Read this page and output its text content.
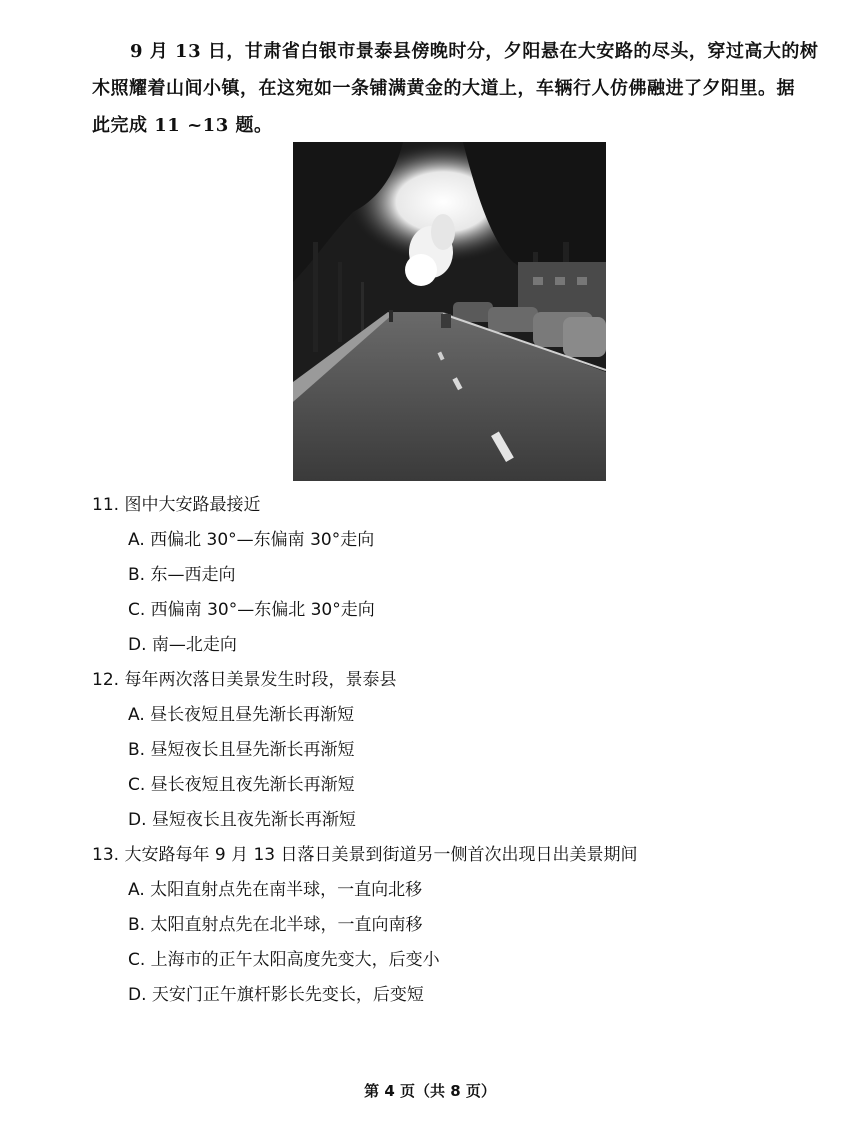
9 月 13 日，甘肃省白银市景泰县傍晚时分，夕阳悬在大安路的尽头，穿过高大的树
木照耀着山间小镇，在这宛如一条铺满黄金的大道上，车辆行人仿佛融进了夕阳里。据
此完成 11 ~13 题。
11. 图中大安路最接近
A. 西偏北 30°—东偏南 30°走向
B. 东—西走向
C. 西偏南 30°—东偏北 30°走向
D. 南—北走向
12. 每年两次落日美景发生时段，景泰县
A. 昼长夜短且昼先渐长再渐短
B. 昼短夜长且昼先渐长再渐短
C. 昼长夜短且夜先渐长再渐短
D. 昼短夜长且夜先渐长再渐短
13. 大安路每年 9 月 13 日落日美景到街道另一侧首次出现日出美景期间
A. 太阳直射点先在南半球，一直向北移
B. 太阳直射点先在北半球，一直向南移
C. 上海市的正午太阳高度先变大，后变小
D. 天安门正午旗杆影长先变长，后变短
第 4 页（共 8 页）
